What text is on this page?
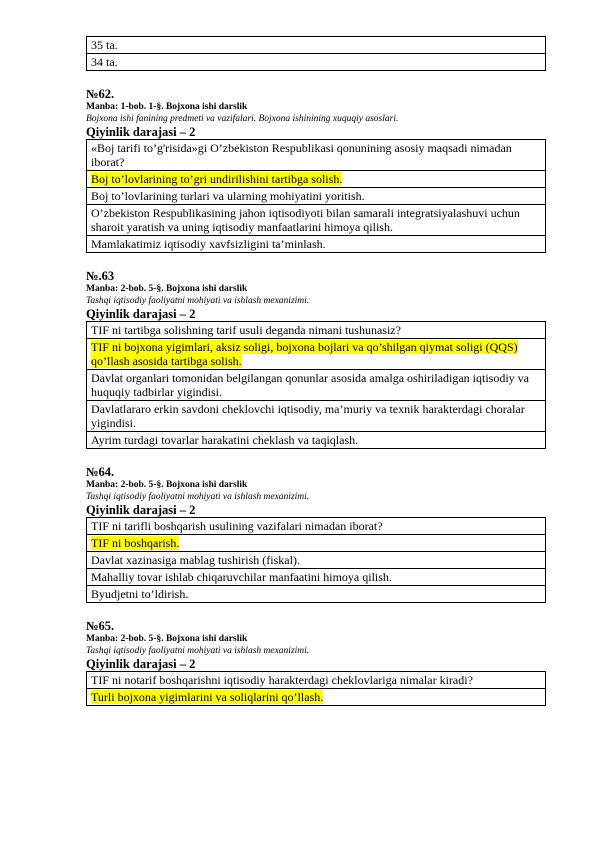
35 ta.
34 ta.

№62.

Manba: 1-bob. 1-§. Bojxona ishi darslik

Bojxona ishi fanining predmeti va vazifalari. Bojxona ishinining xuquqiy asoslari.

Qiyinlik darajasi – 2

«Boj tarifi to’g'risida»gi O’zbekiston Respublikasi qonunining asosiy maqsadi nimadan iborat?
Boj to’lovlarining to’gri undirilishini tartibga solish.
Boj to’lovlarining turlari va ularning mohiyatini yoritish.
O’zbekiston Respublikasining jahon iqtisodiyoti bilan samarali integratsiyalashuvi uchun sharoit yaratish va uning iqtisodiy manfaatlarini himoya qilish.
Mamlakatimiz iqtisodiy xavfsizligini ta’minlash.

№.63

Manba: 2-bob. 5-§. Bojxona ishi darslik

Tashqi iqtisodiy faoliyatni mohiyati va ishlash mexanizimi.

Qiyinlik darajasi – 2

TIF ni tartibga solishning tarif usuli deganda nimani tushunasiz?
TIF ni bojxona yigimlari, aksiz soligi, bojxona bojlari va qo’shilgan qiymat soligi (QQS) qo’llash asosida tartibga solish.
Davlat organlari tomonidan belgilangan qonunlar asosida amalga oshiriladigan iqtisodiy va huquqiy tadbirlar yigindisi.
Davlatlararo erkin savdoni cheklovchi iqtisodiy, ma’muriy va texnik harakterdagi choralar yigindisi.
Ayrim turdagi tovarlar harakatini cheklash va taqiqlash.

№64.

Manba: 2-bob. 5-§. Bojxona ishi darslik

Tashqi iqtisodiy faoliyatni mohiyati va ishlash mexanizimi.

Qiyinlik darajasi – 2

TIF ni tarifli boshqarish usulining vazifalari nimadan iborat?
TIF ni boshqarish.
Davlat xazinasiga mablag tushirish (fiskal).
Mahalliy tovar ishlab chiqaruvchilar manfaatini himoya qilish.
Byudjetni to’ldirish.

№65.

Manba: 2-bob. 5-§. Bojxona ishi darslik

Tashqi iqtisodiy faoliyatni mohiyati va ishlash mexanizimi.

Qiyinlik darajasi – 2

TIF ni notarif boshqarishni iqtisodiy harakterdagi cheklovlariga nimalar kiradi?
Turli bojxona yigimlarini va soliqlarini qo’llash.
